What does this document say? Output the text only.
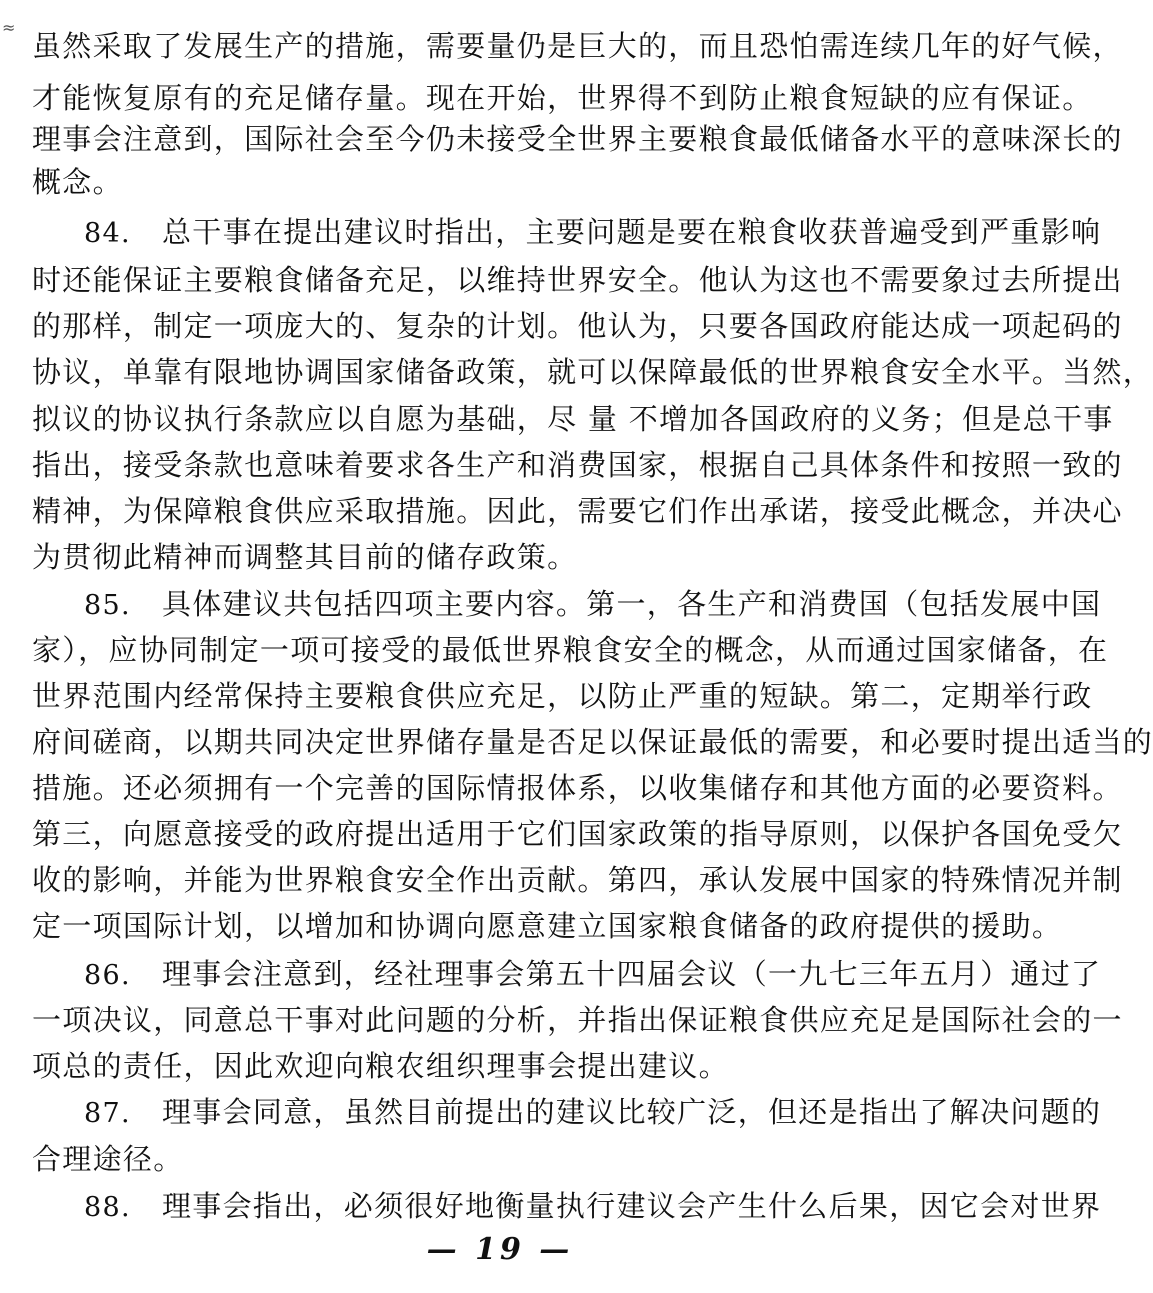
≈
虽然采取了发展生产的措施，需要量仍是巨大的，而且恐怕需连续几年的好气候，
才能恢复原有的充足储存量。现在开始，世界得不到防止粮食短缺的应有保证。
理事会注意到，国际社会至今仍未接受全世界主要粮食最低储备水平的意味深长的
概念。
84. 总干事在提出建议时指出，主要问题是要在粮食收获普遍受到严重影响
时还能保证主要粮食储备充足，以维持世界安全。他认为这也不需要象过去所提出
的那样，制定一项庞大的、复杂的计划。他认为，只要各国政府能达成一项起码的
协议，单靠有限地协调国家储备政策，就可以保障最低的世界粮食安全水平。当然，
拟议的协议执行条款应以自愿为基础，尽 量 不增加各国政府的义务；但是总干事
指出，接受条款也意味着要求各生产和消费国家，根据自己具体条件和按照一致的
精神，为保障粮食供应采取措施。因此，需要它们作出承诺，接受此概念，并决心
为贯彻此精神而调整其目前的储存政策。
85. 具体建议共包括四项主要内容。第一，各生产和消费国（包括发展中国
家），应协同制定一项可接受的最低世界粮食安全的概念，从而通过国家储备，在
世界范围内经常保持主要粮食供应充足，以防止严重的短缺。第二，定期举行政
府间磋商，以期共同决定世界储存量是否足以保证最低的需要，和必要时提出适当的
措施。还必须拥有一个完善的国际情报体系，以收集储存和其他方面的必要资料。
第三，向愿意接受的政府提出适用于它们国家政策的指导原则，以保护各国免受欠
收的影响，并能为世界粮食安全作出贡献。第四，承认发展中国家的特殊情况并制
定一项国际计划，以增加和协调向愿意建立国家粮食储备的政府提供的援助。
86. 理事会注意到，经社理事会第五十四届会议（一九七三年五月）通过了
一项决议，同意总干事对此问题的分析，并指出保证粮食供应充足是国际社会的一
项总的责任，因此欢迎向粮农组织理事会提出建议。
87. 理事会同意，虽然目前提出的建议比较广泛，但还是指出了解决问题的
合理途径。
88. 理事会指出，必须很好地衡量执行建议会产生什么后果，因它会对世界
— 19 —
